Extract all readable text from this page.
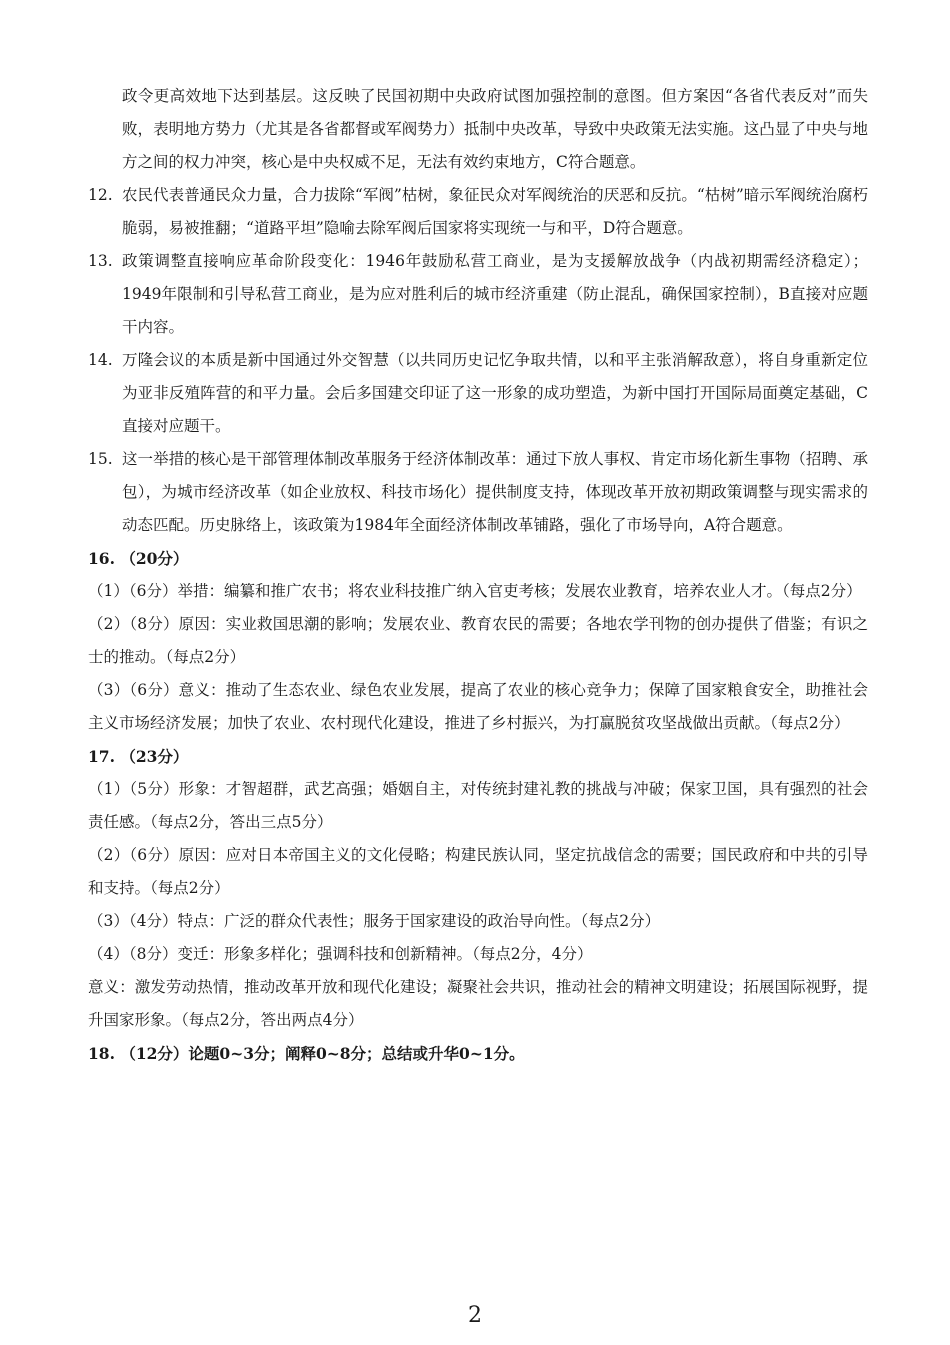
政令更高效地下达到基层。这反映了民国初期中央政府试图加强控制的意图。但方案因“各省代表反对”而失败，表明地方势力（尤其是各省都督或军阀势力）抵制中央改革，导致中央政策无法实施。这凸显了中央与地方之间的权力冲突，核心是中央权威不足，无法有效约束地方，C符合题意。

12. 农民代表普通民众力量，合力拔除“军阀”枯树，象征民众对军阀统治的厌恶和反抗。“枯树”暗示军阀统治腐朽脆弱，易被推翻；“道路平坦”隐喻去除军阀后国家将实现统一与和平，D符合题意。
13. 政策调整直接响应革命阶段变化：1946年鼓励私营工商业，是为支援解放战争（内战初期需经济稳定）；1949年限制和引导私营工商业，是为应对胜利后的城市经济重建（防止混乱，确保国家控制），B直接对应题干内容。
14. 万隆会议的本质是新中国通过外交智慧（以共同历史记忆争取共情，以和平主张消解敌意），将自身重新定位为亚非反殖阵营的和平力量。会后多国建交印证了这一形象的成功塑造，为新中国打开国际局面奠定基础，C直接对应题干。
15. 这一举措的核心是干部管理体制改革服务于经济体制改革：通过下放人事权、肯定市场化新生事物（招聘、承包），为城市经济改革（如企业放权、科技市场化）提供制度支持，体现改革开放初期政策调整与现实需求的动态匹配。历史脉络上，该政策为1984年全面经济体制改革铺路，强化了市场导向，A符合题意。

16. （20分）

（1）（6分）举措：编纂和推广农书；将农业科技推广纳入官吏考核；发展农业教育，培养农业人才。（每点2分）

（2）（8分）原因：实业救国思潮的影响；发展农业、教育农民的需要；各地农学刊物的创办提供了借鉴；有识之士的推动。（每点2分）

（3）（6分）意义：推动了生态农业、绿色农业发展，提高了农业的核心竞争力；保障了国家粮食安全，助推社会主义市场经济发展；加快了农业、农村现代化建设，推进了乡村振兴，为打赢脱贫攻坚战做出贡献。（每点2分）

17. （23分）

（1）（5分）形象：才智超群，武艺高强；婚姻自主，对传统封建礼教的挑战与冲破；保家卫国，具有强烈的社会责任感。（每点2分，答出三点5分）

（2）（6分）原因：应对日本帝国主义的文化侵略；构建民族认同，坚定抗战信念的需要；国民政府和中共的引导和支持。（每点2分）

（3）（4分）特点：广泛的群众代表性；服务于国家建设的政治导向性。（每点2分）

（4）（8分）变迁：形象多样化；强调科技和创新精神。（每点2分，4分）

意义：激发劳动热情，推动改革开放和现代化建设；凝聚社会共识，推动社会的精神文明建设；拓展国际视野，提升国家形象。（每点2分，答出两点4分）

18. （12分）论题0~3分；阐释0~8分；总结或升华0~1分。

2
